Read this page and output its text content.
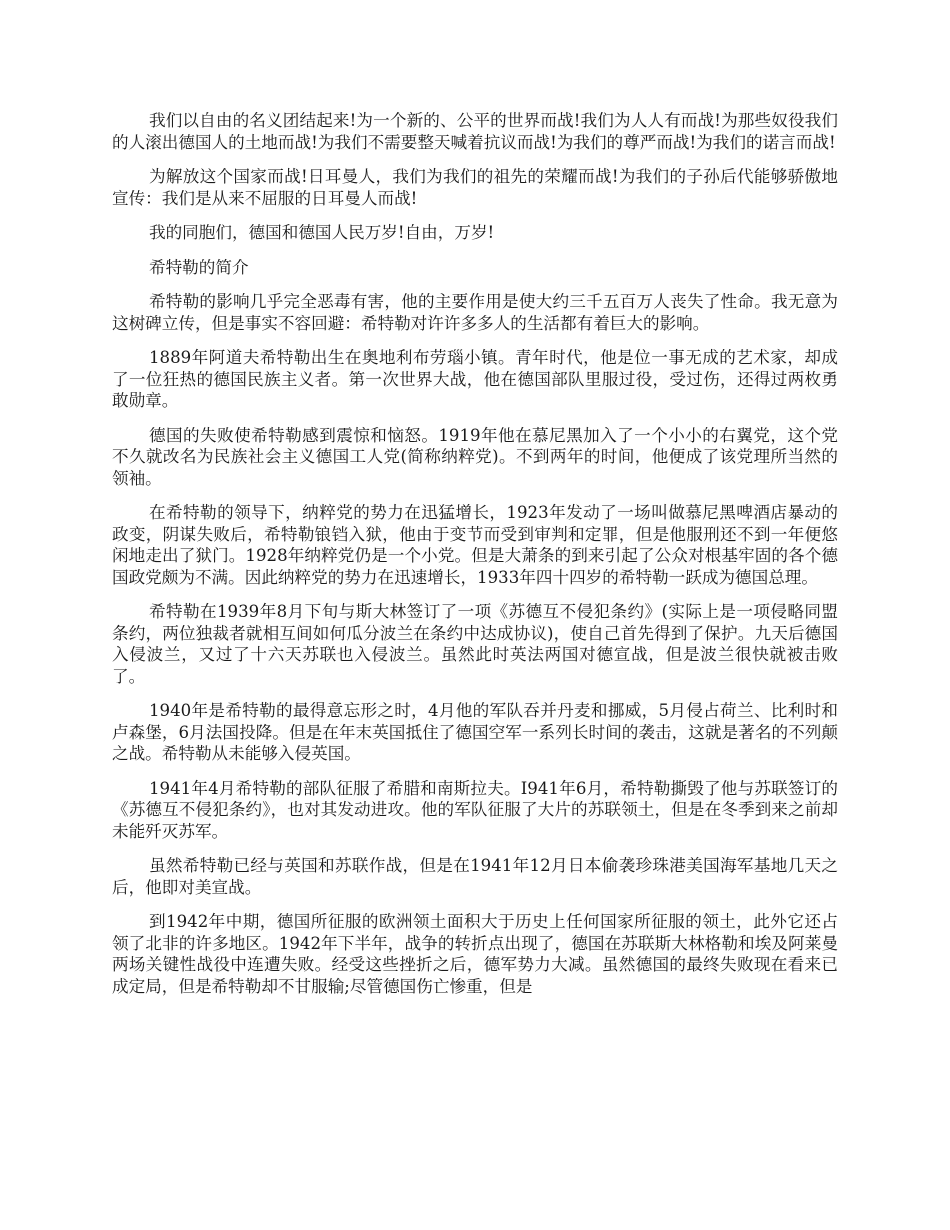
我们以自由的名义团结起来!为一个新的、公平的世界而战!我们为人人有而战!为那些奴役我们的人滚出德国人的土地而战!为我们不需要整天喊着抗议而战!为我们的尊严而战!为我们的诺言而战!

为解放这个国家而战!日耳曼人，我们为我们的祖先的荣耀而战!为我们的子孙后代能够骄傲地宣传：我们是从来不屈服的日耳曼人而战!

我的同胞们，德国和德国人民万岁!自由，万岁!

希特勒的简介

希特勒的影响几乎完全恶毒有害，他的主要作用是使大约三千五百万人丧失了性命。我无意为这树碑立传，但是事实不容回避：希特勒对许许多多人的生活都有着巨大的影响。

1889年阿道夫希特勒出生在奥地利布劳瑙小镇。青年时代，他是位一事无成的艺术家，却成了一位狂热的德国民族主义者。第一次世界大战，他在德国部队里服过役，受过伤，还得过两枚勇敢勋章。

德国的失败使希特勒感到震惊和恼怒。1919年他在慕尼黑加入了一个小小的右翼党，这个党不久就改名为民族社会主义德国工人党(简称纳粹党)。不到两年的时间，他便成了该党理所当然的领袖。

在希特勒的领导下，纳粹党的势力在迅猛增长，1923年发动了一场叫做慕尼黑啤酒店暴动的政变，阴谋失败后，希特勒锒铛入狱，他由于变节而受到审判和定罪，但是他服刑还不到一年便悠闲地走出了狱门。1928年纳粹党仍是一个小党。但是大萧条的到来引起了公众对根基牢固的各个德国政党颇为不满。因此纳粹党的势力在迅速增长，1933年四十四岁的希特勒一跃成为德国总理。

希特勒在1939年8月下旬与斯大林签订了一项《苏德互不侵犯条约》(实际上是一项侵略同盟条约，两位独裁者就相互间如何瓜分波兰在条约中达成协议)，使自己首先得到了保护。九天后德国入侵波兰，又过了十六天苏联也入侵波兰。虽然此时英法两国对德宣战，但是波兰很快就被击败了。

1940年是希特勒的最得意忘形之时，4月他的军队吞并丹麦和挪威，5月侵占荷兰、比利时和卢森堡，6月法国投降。但是在年末英国抵住了德国空军一系列长时间的袭击，这就是著名的不列颠之战。希特勒从未能够入侵英国。

1941年4月希特勒的部队征服了希腊和南斯拉夫。I941年6月，希特勒撕毁了他与苏联签订的《苏德互不侵犯条约》，也对其发动进攻。他的军队征服了大片的苏联领土，但是在冬季到来之前却未能歼灭苏军。

虽然希特勒已经与英国和苏联作战，但是在1941年12月日本偷袭珍珠港美国海军基地几天之后，他即对美宣战。

到1942年中期，德国所征服的欧洲领土面积大于历史上任何国家所征服的领土，此外它还占领了北非的许多地区。1942年下半年，战争的转折点出现了，德国在苏联斯大林格勒和埃及阿莱曼两场关键性战役中连遭失败。经受这些挫折之后，德军势力大减。虽然德国的最终失败现在看来已成定局，但是希特勒却不甘服输;尽管德国伤亡惨重，但是
